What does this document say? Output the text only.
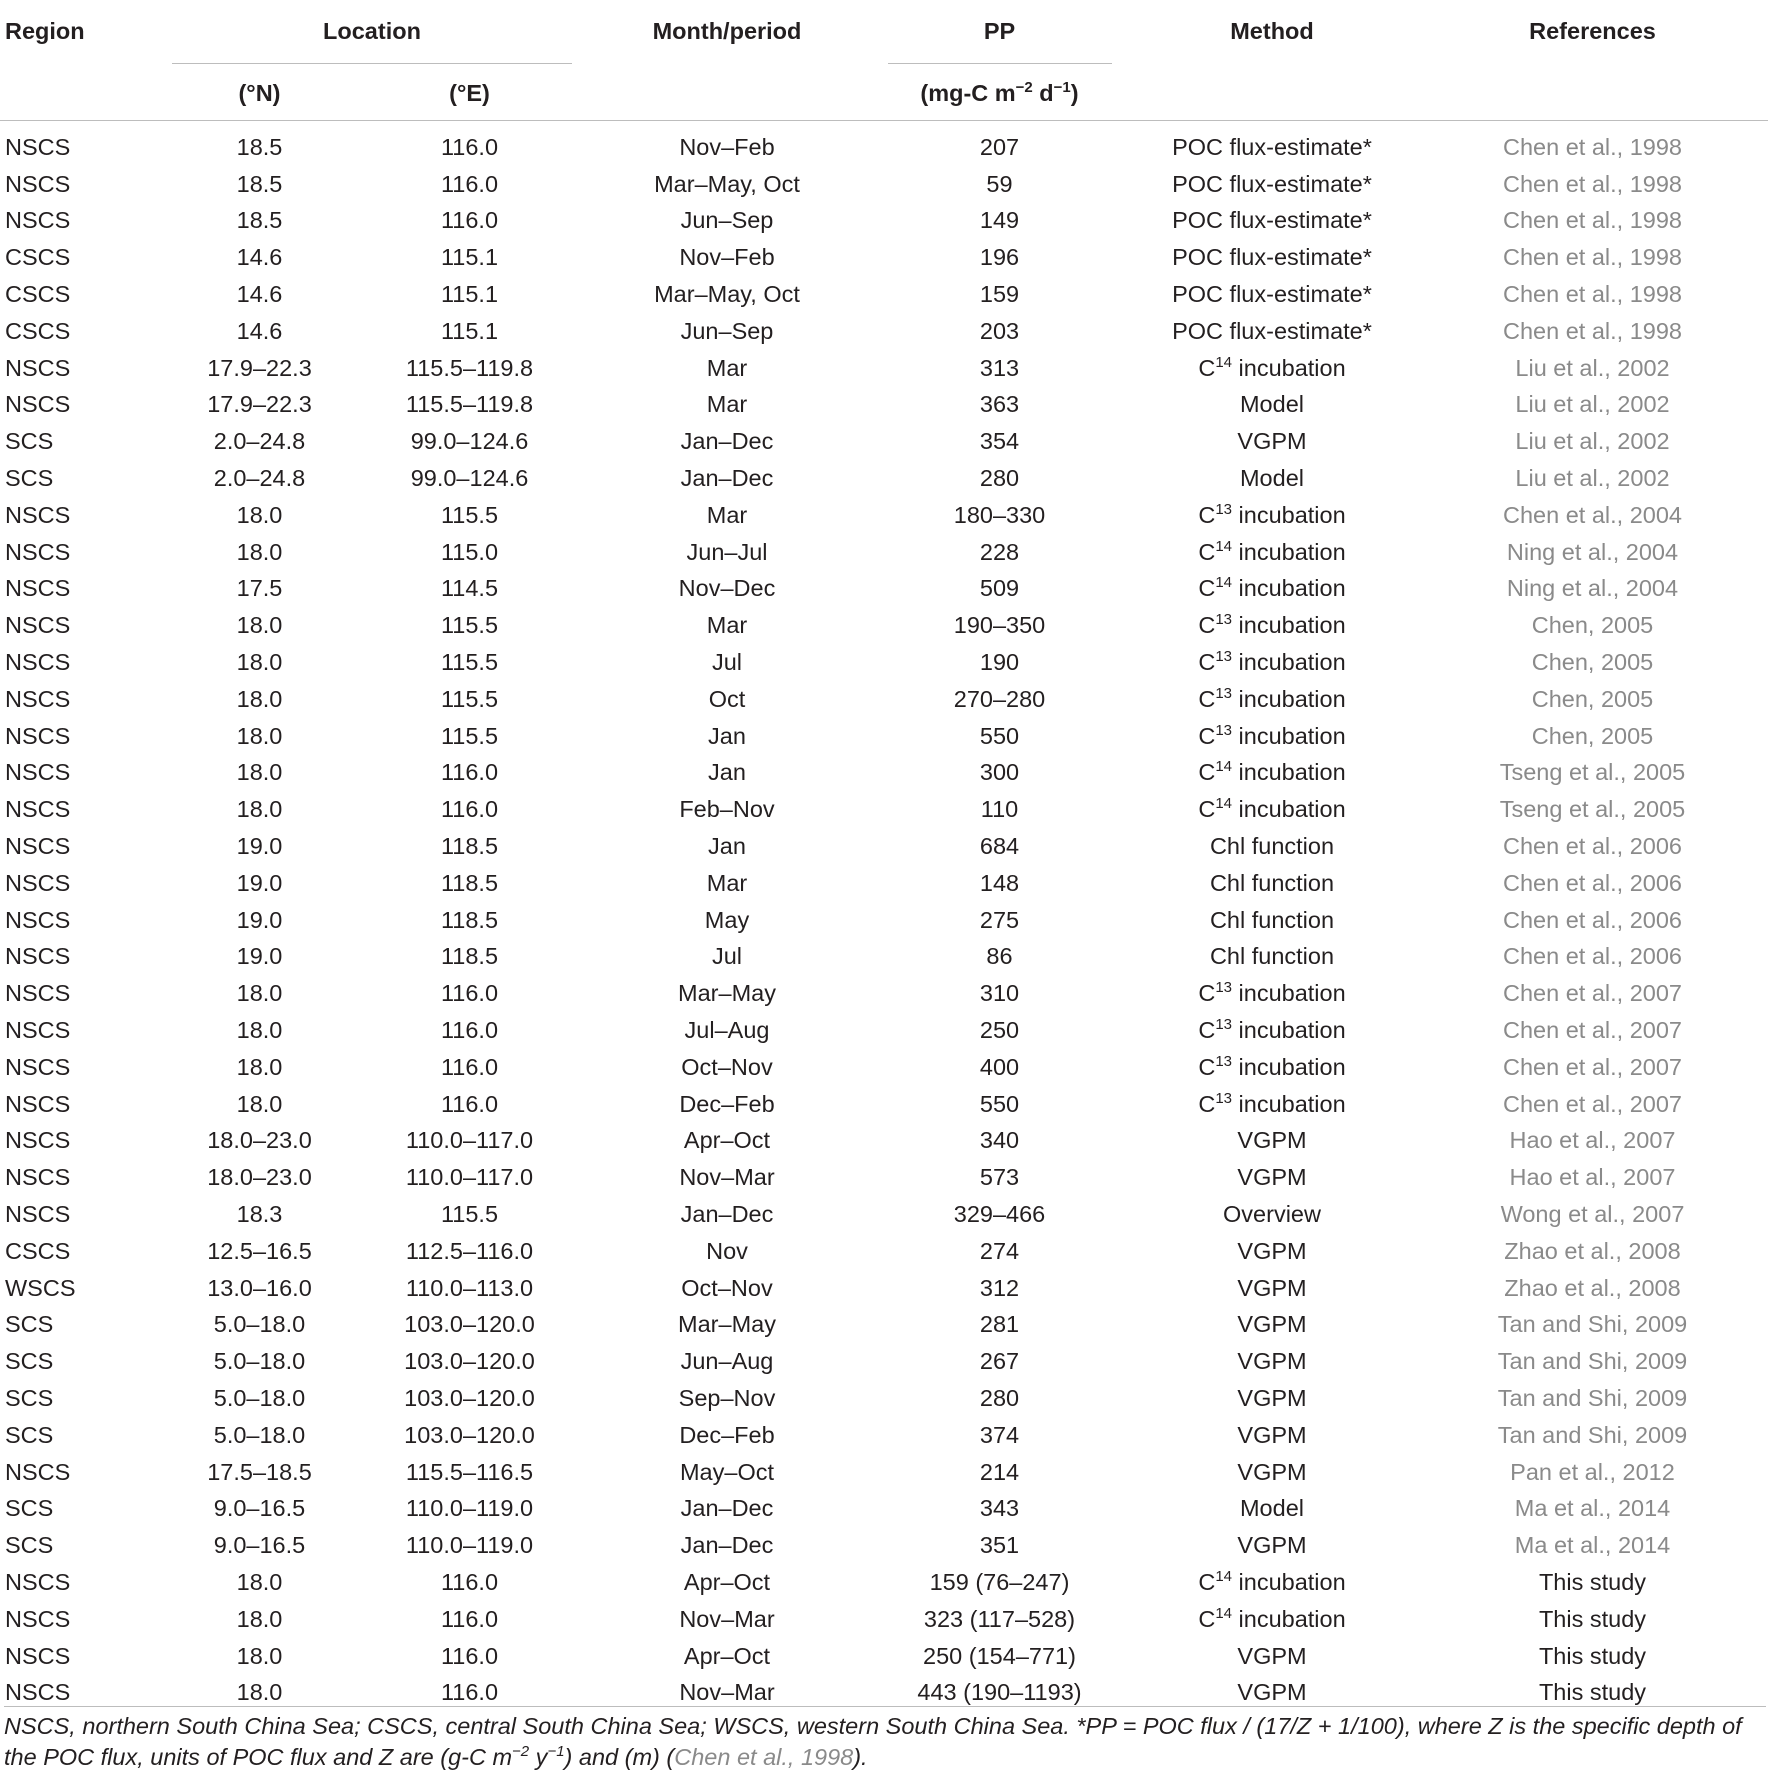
Region	Location		Month/period	PP	Method	References
	(°N)	(°E)		(mg-C $m^{-2}$ $d^{-1}$)		
NSCS	18.5	116.0	Nov–Feb	207	POC flux-estimate*	Chen et al., 1998
NSCS	18.5	116.0	Mar–May, Oct	59	POC flux-estimate*	Chen et al., 1998
NSCS	18.5	116.0	Jun–Sep	149	POC flux-estimate*	Chen et al., 1998
CSCS	14.6	115.1	Nov–Feb	196	POC flux-estimate*	Chen et al., 1998
CSCS	14.6	115.1	Mar–May, Oct	159	POC flux-estimate*	Chen et al., 1998
CSCS	14.6	115.1	Jun–Sep	203	POC flux-estimate*	Chen et al., 1998
NSCS	17.9–22.3	115.5–119.8	Mar	313	$C^{14}$ incubation	Liu et al., 2002
NSCS	17.9–22.3	115.5–119.8	Mar	363	Model	Liu et al., 2002
SCS	2.0–24.8	99.0–124.6	Jan–Dec	354	VGPM	Liu et al., 2002
SCS	2.0–24.8	99.0–124.6	Jan–Dec	280	Model	Liu et al., 2002
NSCS	18.0	115.5	Mar	180–330	$C^{13}$ incubation	Chen et al., 2004
NSCS	18.0	115.0	Jun–Jul	228	$C^{14}$ incubation	Ning et al., 2004
NSCS	17.5	114.5	Nov–Dec	509	$C^{14}$ incubation	Ning et al., 2004
NSCS	18.0	115.5	Mar	190–350	$C^{13}$ incubation	Chen, 2005
NSCS	18.0	115.5	Jul	190	$C^{13}$ incubation	Chen, 2005
NSCS	18.0	115.5	Oct	270–280	$C^{13}$ incubation	Chen, 2005
NSCS	18.0	115.5	Jan	550	$C^{13}$ incubation	Chen, 2005
NSCS	18.0	116.0	Jan	300	$C^{14}$ incubation	Tseng et al., 2005
NSCS	18.0	116.0	Feb–Nov	110	$C^{14}$ incubation	Tseng et al., 2005
NSCS	19.0	118.5	Jan	684	Chl function	Chen et al., 2006
NSCS	19.0	118.5	Mar	148	Chl function	Chen et al., 2006
NSCS	19.0	118.5	May	275	Chl function	Chen et al., 2006
NSCS	19.0	118.5	Jul	86	Chl function	Chen et al., 2006
NSCS	18.0	116.0	Mar–May	310	$C^{13}$ incubation	Chen et al., 2007
NSCS	18.0	116.0	Jul–Aug	250	$C^{13}$ incubation	Chen et al., 2007
NSCS	18.0	116.0	Oct–Nov	400	$C^{13}$ incubation	Chen et al., 2007
NSCS	18.0	116.0	Dec–Feb	550	$C^{13}$ incubation	Chen et al., 2007
NSCS	18.0–23.0	110.0–117.0	Apr–Oct	340	VGPM	Hao et al., 2007
NSCS	18.0–23.0	110.0–117.0	Nov–Mar	573	VGPM	Hao et al., 2007
NSCS	18.3	115.5	Jan–Dec	329–466	Overview	Wong et al., 2007
CSCS	12.5–16.5	112.5–116.0	Nov	274	VGPM	Zhao et al., 2008
WSCS	13.0–16.0	110.0–113.0	Oct–Nov	312	VGPM	Zhao et al., 2008
SCS	5.0–18.0	103.0–120.0	Mar–May	281	VGPM	Tan and Shi, 2009
SCS	5.0–18.0	103.0–120.0	Jun–Aug	267	VGPM	Tan and Shi, 2009
SCS	5.0–18.0	103.0–120.0	Sep–Nov	280	VGPM	Tan and Shi, 2009
SCS	5.0–18.0	103.0–120.0	Dec–Feb	374	VGPM	Tan and Shi, 2009
NSCS	17.5–18.5	115.5–116.5	May–Oct	214	VGPM	Pan et al., 2012
SCS	9.0–16.5	110.0–119.0	Jan–Dec	343	Model	Ma et al., 2014
SCS	9.0–16.5	110.0–119.0	Jan–Dec	351	VGPM	Ma et al., 2014
NSCS	18.0	116.0	Apr–Oct	159 (76–247)	$C^{14}$ incubation	This study
NSCS	18.0	116.0	Nov–Mar	323 (117–528)	$C^{14}$ incubation	This study
NSCS	18.0	116.0	Apr–Oct	250 (154–771)	VGPM	This study
NSCS	18.0	116.0	Nov–Mar	443 (190–1193)	VGPM	This study
NSCS, northern South China Sea; CSCS, central South China Sea; WSCS, western South China Sea. *PP = POC flux / (17/Z + 1/100), where Z is the specific depth of the POC flux, units of POC flux and Z are (g-C $m^{-2}$ $y^{-1}$) and (m) (Chen et al., 1998).
